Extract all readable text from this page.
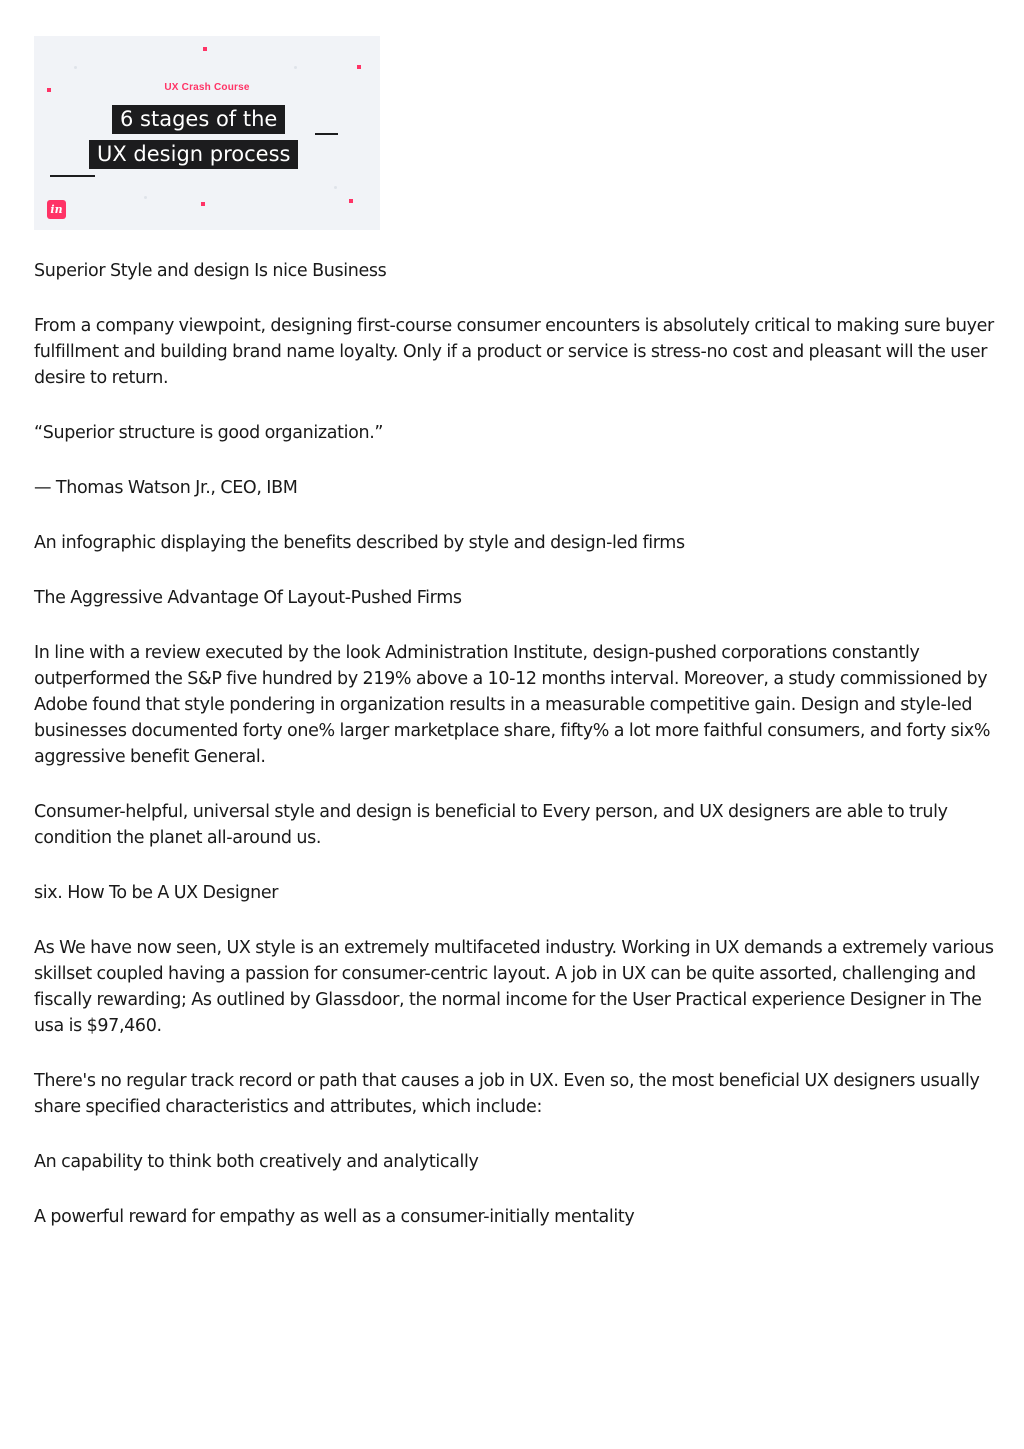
UX Crash Course
6 stages of the
UX design process
in

Superior Style and design Is nice Business

From a company viewpoint, designing first-course consumer encounters is absolutely critical to making sure buyer fulfillment and building brand name loyalty. Only if a product or service is stress-no cost and pleasant will the user desire to return.

“Superior structure is good organization.”

— Thomas Watson Jr., CEO, IBM

An infographic displaying the benefits described by style and design-led firms

The Aggressive Advantage Of Layout-Pushed Firms

In line with a review executed by the look Administration Institute, design-pushed corporations constantly outperformed the S&P five hundred by 219% above a 10-12 months interval. Moreover, a study commissioned by Adobe found that style pondering in organization results in a measurable competitive gain. Design and style-led businesses documented forty one% larger marketplace share, fifty% a lot more faithful consumers, and forty six% aggressive benefit General.

Consumer-helpful, universal style and design is beneficial to Every person, and UX designers are able to truly condition the planet all-around us.

six. How To be A UX Designer

As We have now seen, UX style is an extremely multifaceted industry. Working in UX demands a extremely various skillset coupled having a passion for consumer-centric layout. A job in UX can be quite assorted, challenging and fiscally rewarding; As outlined by Glassdoor, the normal income for the User Practical experience Designer in The usa is $97,460.

There's no regular track record or path that causes a job in UX. Even so, the most beneficial UX designers usually share specified characteristics and attributes, which include:

An capability to think both creatively and analytically

A powerful reward for empathy as well as a consumer-initially mentality
